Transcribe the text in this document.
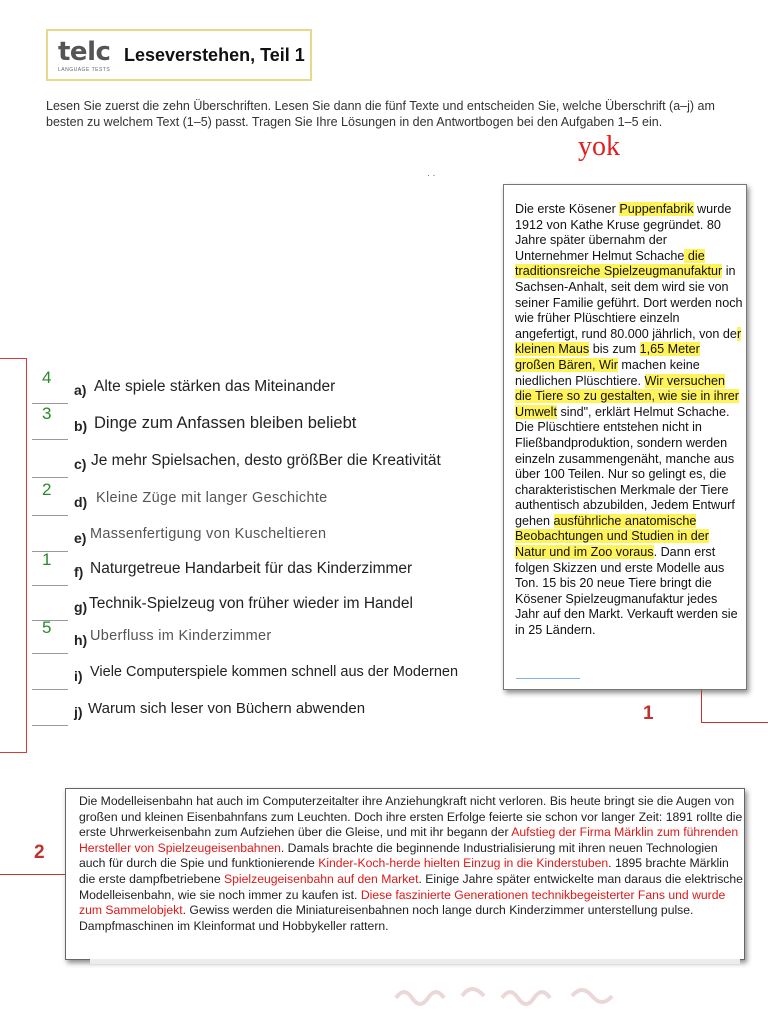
telc
LANGUAGE TESTS
Leseverstehen, Teil 1
Lesen Sie zuerst die zehn Überschriften. Lesen Sie dann die fünf Texte und entscheiden Sie, welche Überschrift (a–j) am besten zu welchem Text (1–5) passt. Tragen Sie Ihre Lösungen in den Antwortbogen bei den Aufgaben 1–5 ein.
yok
· ·
4
a) Alte spiele stärken das Miteinander
3
b) Dinge zum Anfassen bleiben beliebt
c) Je mehr Spielsachen, desto größBer die Kreativität
2
d) Kleine Züge mit langer Geschichte
e) Massenfertigung von Kuscheltieren
1
f) Naturgetreue Handarbeit für das Kinderzimmer
g) Technik-Spielzeug von früher wieder im Handel
5
h) Uberfluss im Kinderzimmer
i) Viele Computerspiele kommen schnell aus der Modernen
j) Warum sich leser von Büchern abwenden
Die erste Kösener Puppenfabrik wurde 1912 von Kathe Kruse gegründet. 80 Jahre später übernahm der Unternehmer Helmut Schache die traditionsreiche Spielzeugmanufaktur in Sachsen-Anhalt, seit dem wird sie von seiner Familie geführt. Dort werden noch wie früher Plüschtiere einzeln angefertigt, rund 80.000 jährlich, von der kleinen Maus bis zum 1,65 Meter großen Bären, Wir machen keine niedlichen Plüschtiere. Wir versuchen die Tiere so zu gestalten, wie sie in ihrer Umwelt sind", erklärt Helmut Schache. Die Plüschtiere entstehen nicht in Fließbandproduktion, sondern werden einzeln zusammengenäht, manche aus über 100 Teilen. Nur so gelingt es, die charakteristischen Merkmale der Tiere authentisch abzubilden, Jedem Entwurf gehen ausführliche anatomische Beobachtungen und Studien in der Natur und im Zoo voraus. Dann erst folgen Skizzen und erste Modelle aus Ton. 15 bis 20 neue Tiere bringt die Kösener Spielzeugmanufaktur jedes Jahr auf den Markt. Verkauft werden sie in 25 Ländern.
1
Die Modelleisenbahn hat auch im Computerzeitalter ihre Anziehungkraft nicht verloren. Bis heute bringt sie die Augen von großen und kleinen Eisenbahnfans zum Leuchten. Doch ihre ersten Erfolge feierte sie schon vor langer Zeit: 1891 rollte die erste Uhrwerkeisenbahn zum Aufziehen über die Gleise, und mit ihr begann der Aufstieg der Firma Märklin zum führenden Hersteller von Spielzeugeisenbahnen. Damals brachte die beginnende Industrialisierung mit ihren neuen Technologien auch für durch die Spie und funktionierende Kinder-Koch-herde hielten Einzug in die Kinderstuben. 1895 brachte Märklin die erste dampfbetriebene Spielzeugeisenbahn auf den Market. Einige Jahre später entwickelte man daraus die elektrische Modelleisenbahn, wie sie noch immer zu kaufen ist. Diese faszinierte Generationen technikbegeisterter Fans und wurde zum Sammelobjekt. Gewiss werden die Miniatureisenbahnen noch lange durch Kinderzimmer unterstellung pulse. Dampfmaschinen im Kleinformat und Hobbykeller rattern.
2
